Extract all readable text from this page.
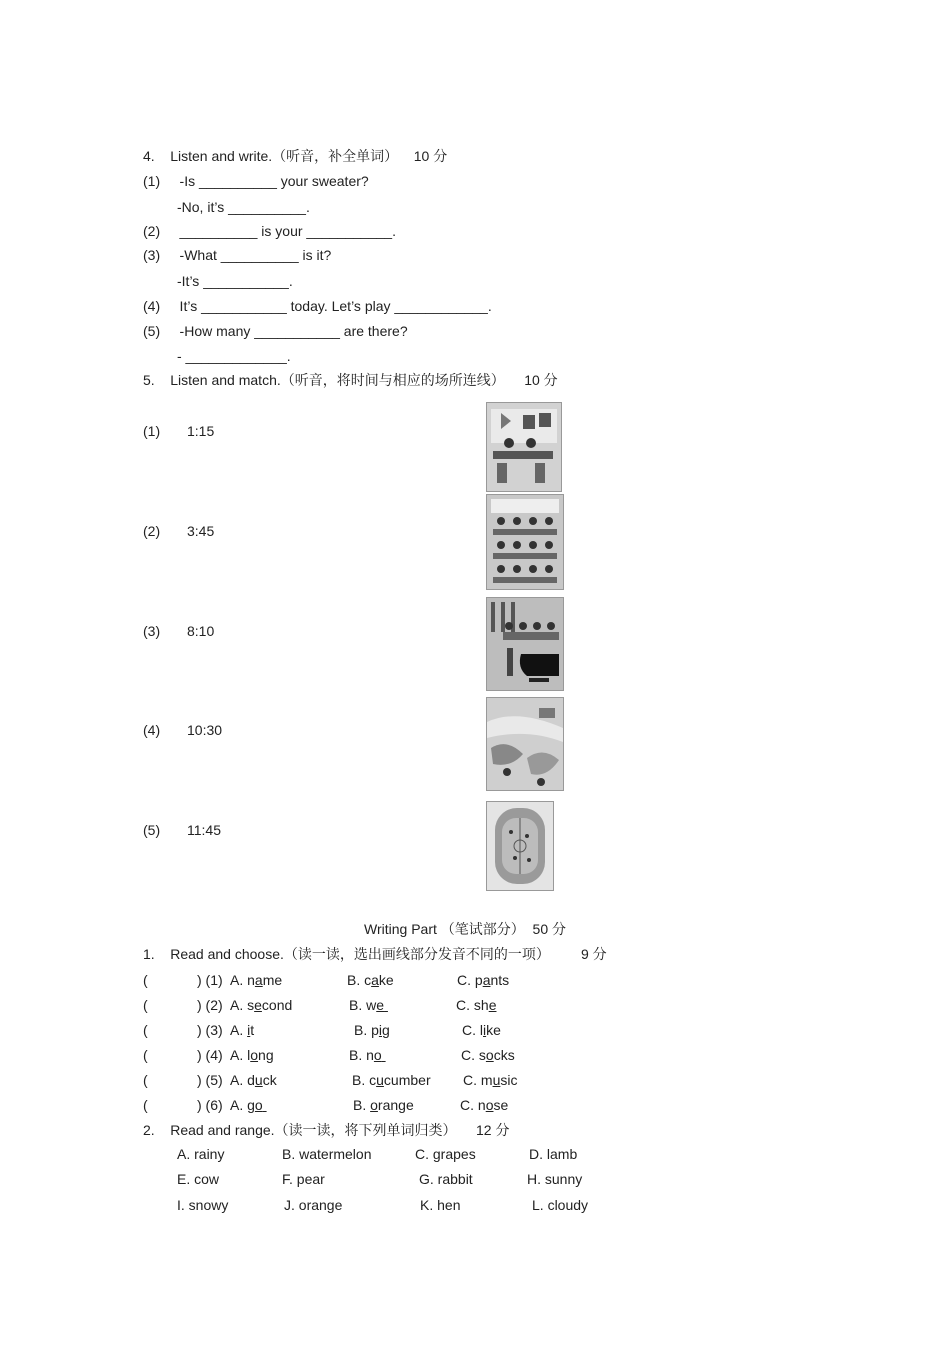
4.    Listen and write.（听音，补全单词）    10 分
(1)     -Is __________ your sweater?
-No, it’s __________.
(2)     __________ is your ___________.
(3)     -What __________ is it?
-It’s ___________.
(4)     It’s ___________ today. Let’s play ____________.
(5)     -How many ___________ are there?
- _____________.
5.    Listen and match.（听音，将时间与相应的场所连线）     10 分
(1) 1:15
(2) 3:45
(3) 8:10
(4) 10:30
(5) 11:45
Writing Part （笔试部分）  50 分
1.    Read and choose.（读一读，选出画线部分发音不同的一项）        9 分
(	) (1) A. name	B. cake	C. pants
(	) (2) A. second	B. we	C. she
(	) (3) A. it	B. pig	C. like
(	) (4) A. long	B. no	C. socks
(	) (5) A. duck	B. cucumber C. music
(	) (6) A. go	B. orange	C. nose
2.    Read and range.（读一读，将下列单词归类）     12 分
A. rainy	B. watermelon	C. grapes	D. lamb
E. cow	F. pear	G. rabbit	H. sunny
I. snowy	J. orange	K. hen	L. cloudy
